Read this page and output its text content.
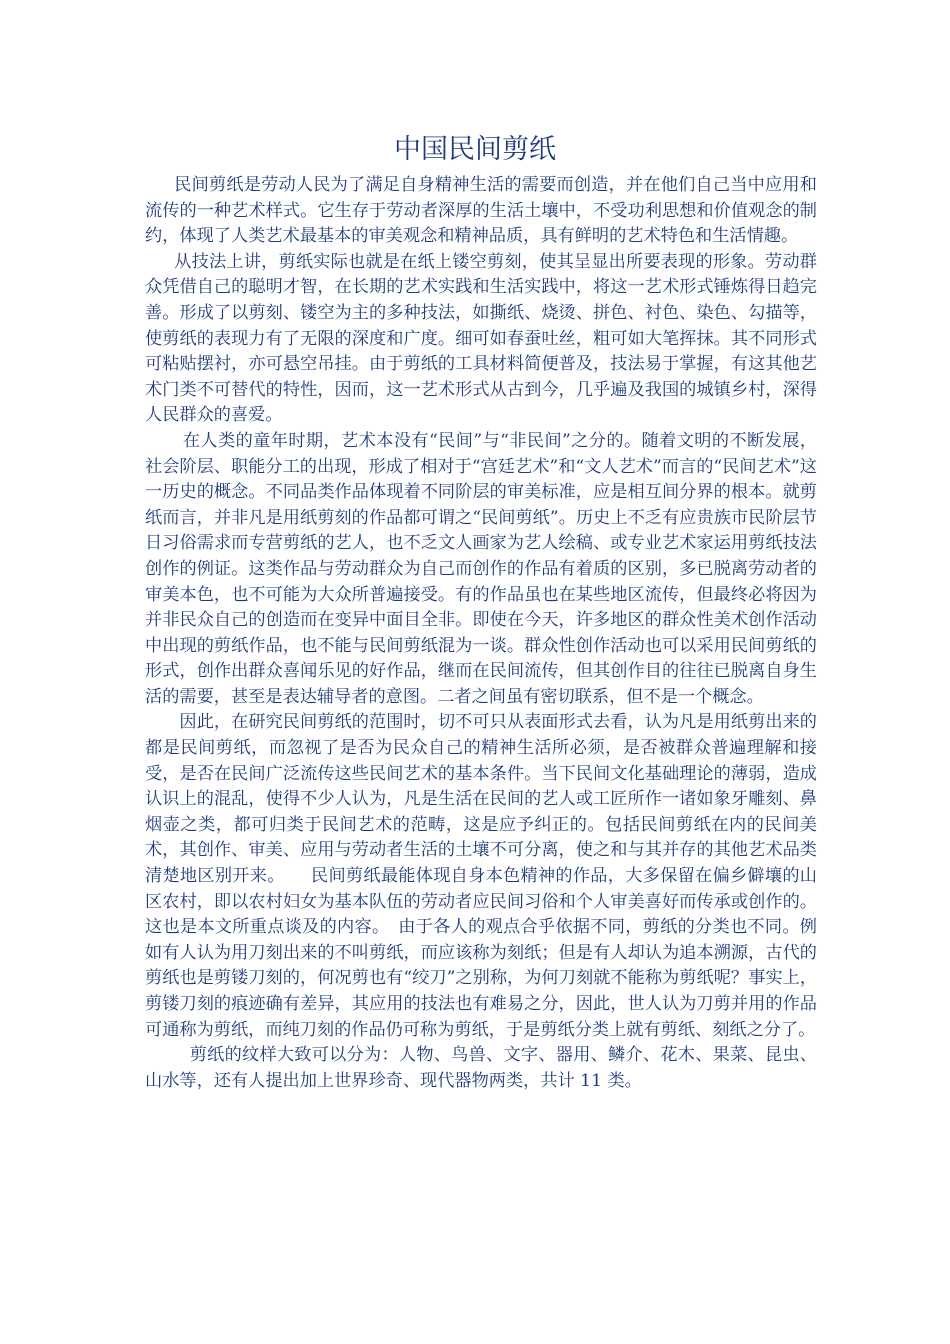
中国民间剪纸

民间剪纸是劳动人民为了满足自身精神生活的需要而创造，并在他们自己当中应用和流传的一种艺术样式。它生存于劳动者深厚的生活土壤中，不受功利思想和价值观念的制约，体现了人类艺术最基本的审美观念和精神品质，具有鲜明的艺术特色和生活情趣。

从技法上讲，剪纸实际也就是在纸上镂空剪刻，使其呈显出所要表现的形象。劳动群众凭借自己的聪明才智，在长期的艺术实践和生活实践中，将这一艺术形式锤炼得日趋完善。形成了以剪刻、镂空为主的多种技法，如撕纸、烧烫、拼色、衬色、染色、勾描等，使剪纸的表现力有了无限的深度和广度。细可如春蚕吐丝，粗可如大笔挥抹。其不同形式可粘贴摆衬，亦可悬空吊挂。由于剪纸的工具材料简便普及，技法易于掌握，有这其他艺术门类不可替代的特性，因而，这一艺术形式从古到今，几乎遍及我国的城镇乡村，深得人民群众的喜爱。

在人类的童年时期，艺术本没有“民间”与“非民间”之分的。随着文明的不断发展，社会阶层、职能分工的出现，形成了相对于“宫廷艺术”和“文人艺术”而言的“民间艺术”这一历史的概念。不同品类作品体现着不同阶层的审美标准，应是相互间分界的根本。就剪纸而言，并非凡是用纸剪刻的作品都可谓之“民间剪纸”。历史上不乏有应贵族市民阶层节日习俗需求而专营剪纸的艺人，也不乏文人画家为艺人绘稿、或专业艺术家运用剪纸技法创作的例证。这类作品与劳动群众为自己而创作的作品有着质的区别，多已脱离劳动者的审美本色，也不可能为大众所普遍接受。有的作品虽也在某些地区流传，但最终必将因为并非民众自己的创造而在变异中面目全非。即使在今天，许多地区的群众性美术创作活动中出现的剪纸作品，也不能与民间剪纸混为一谈。群众性创作活动也可以采用民间剪纸的形式，创作出群众喜闻乐见的好作品，继而在民间流传，但其创作目的往往已脱离自身生活的需要，甚至是表达辅导者的意图。二者之间虽有密切联系，但不是一个概念。

因此，在研究民间剪纸的范围时，切不可只从表面形式去看，认为凡是用纸剪出来的都是民间剪纸，而忽视了是否为民众自己的精神生活所必须，是否被群众普遍理解和接受，是否在民间广泛流传这些民间艺术的基本条件。当下民间文化基础理论的薄弱，造成认识上的混乱，使得不少人认为，凡是生活在民间的艺人或工匠所作一诸如象牙雕刻、鼻烟壶之类，都可归类于民间艺术的范畴，这是应予纠正的。包括民间剪纸在内的民间美术，其创作、审美、应用与劳动者生活的土壤不可分离，使之和与其并存的其他艺术品类清楚地区别开来。　　民间剪纸最能体现自身本色精神的作品，大多保留在偏乡僻壤的山区农村，即以农村妇女为基本队伍的劳动者应民间习俗和个人审美喜好而传承或创作的。这也是本文所重点谈及的内容。　由于各人的观点合乎依据不同，剪纸的分类也不同。例如有人认为用刀刻出来的不叫剪纸，而应该称为刻纸；但是有人却认为追本溯源，古代的剪纸也是剪镂刀刻的，何况剪也有“绞刀”之别称，为何刀刻就不能称为剪纸呢？事实上，剪镂刀刻的痕迹确有差异，其应用的技法也有难易之分，因此，世人认为刀剪并用的作品可通称为剪纸，而纯刀刻的作品仍可称为剪纸，于是剪纸分类上就有剪纸、刻纸之分了。

剪纸的纹样大致可以分为：人物、鸟兽、文字、器用、鳞介、花木、果菜、昆虫、山水等，还有人提出加上世界珍奇、现代器物两类，共计 11 类。
